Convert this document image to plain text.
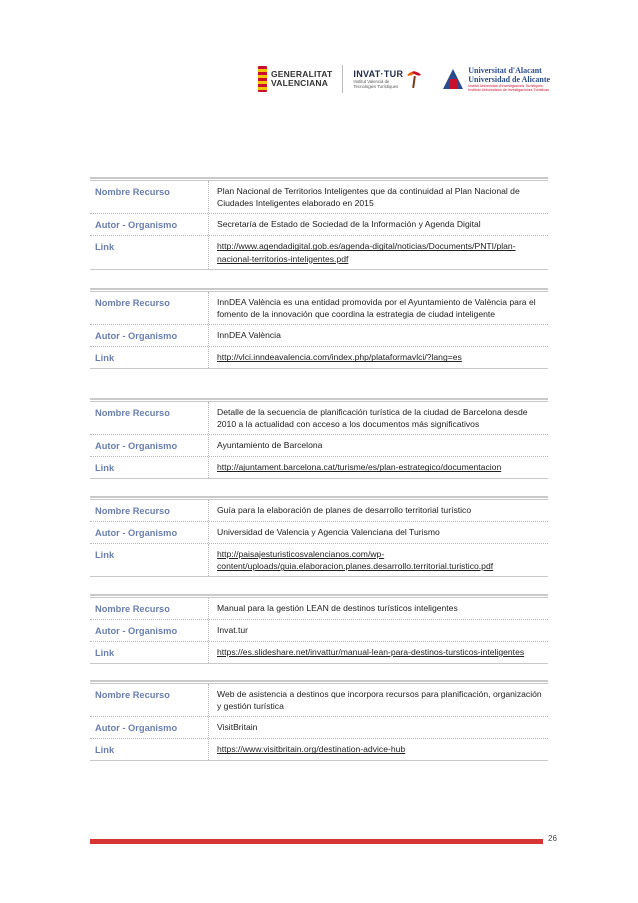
GENERALITAT
VALENCIANA
INVAT·TUR
Institut Valencià de
Tecnologies Turístiques
Universitat d'Alacant
Universidad de Alicante
Institut Universitari d'Investigacions Turístiques
Instituto Universitario de Investigaciones Turísticas
Nombre Recurso	Plan Nacional de Territorios Inteligentes que da continuidad al Plan Nacional de Ciudades Inteligentes elaborado en 2015
Autor - Organismo	Secretaría de Estado de Sociedad de la Información y Agenda Digital
Link	http://www.agendadigital.gob.es/agenda-digital/noticias/Documents/PNTI/plan-nacional-territorios-inteligentes.pdf
Nombre Recurso	InnDEA València es una entidad promovida por el Ayuntamiento de València para el fomento de la innovación que coordina la estrategia de ciudad inteligente
Autor - Organismo	InnDEA València
Link	http://vlci.inndeavalencia.com/index.php/plataformavlci/?lang=es
Nombre Recurso	Detalle de la secuencia de planificación turística de la ciudad de Barcelona desde 2010 a la actualidad con acceso a los documentos más significativos
Autor - Organismo	Ayuntamiento de Barcelona
Link	http://ajuntament.barcelona.cat/turisme/es/plan-estrategico/documentacion
Nombre Recurso	Guía para la elaboración de planes de desarrollo territorial turístico
Autor - Organismo	Universidad de Valencia y Agencia Valenciana del Turismo
Link	http://paisajesturisticosvalencianos.com/wp-content/uploads/guia.elaboracion.planes.desarrollo.territorial.turistico.pdf
Nombre Recurso	Manual para la gestión LEAN de destinos turísticos inteligentes
Autor - Organismo	Invat.tur
Link	https://es.slideshare.net/invattur/manual-lean-para-destinos-tursticos-inteligentes
Nombre Recurso	Web de asistencia a destinos que incorpora recursos para planificación, organización y gestión turística
Autor - Organismo	VisitBritain
Link	https://www.visitbritain.org/destination-advice-hub
26
